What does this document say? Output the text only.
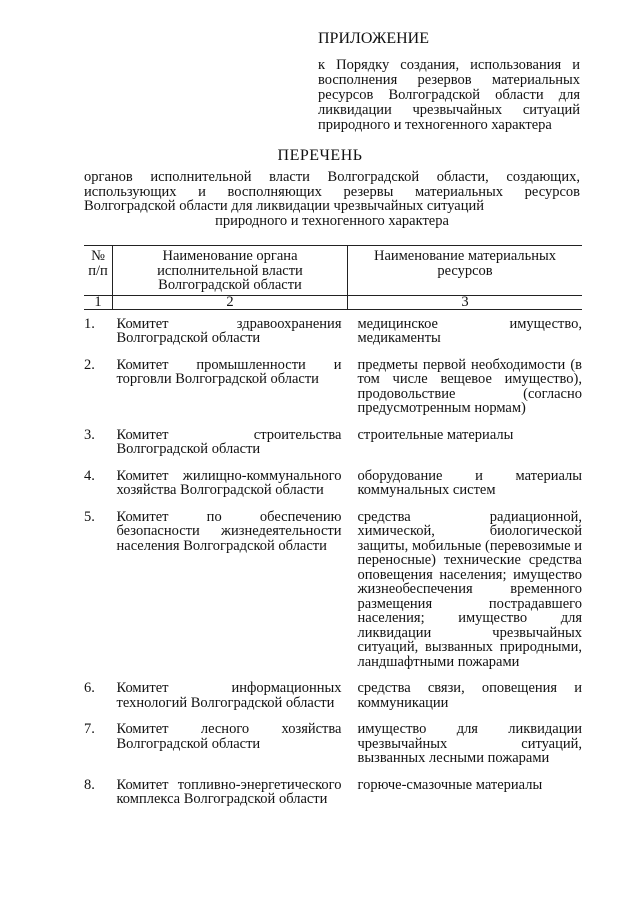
ПРИЛОЖЕНИЕ
к Порядку создания, использования и восполнения резервов материальных ресурсов Волгоградской области для ликвидации чрезвычайных ситуаций природного и техногенного характера
ПЕРЕЧЕНЬ
органов исполнительной власти Волгоградской области, создающих, использующих и восполняющих резервы материальных ресурсов Волгоградской области для ликвидации чрезвычайных ситуаций
природного и техногенного характера
№ п/п	Наименование органа исполнительной власти Волгоградской области	Наименование материальных ресурсов
1	2	3
1.	Комитет здравоохранения Волгоградской области	медицинское имущество, медикаменты
2.	Комитет промышленности и торговли Волгоградской области	предметы первой необходимости (в том числе вещевое имущество), продовольствие (согласно предусмотренным нормам)
3.	Комитет строительства Волгоградской области	строительные материалы
4.	Комитет жилищно-коммунального хозяйства Волгоградской области	оборудование и материалы коммунальных систем
5.	Комитет по обеспечению безопасности жизнедеятельности населения Волгоградской области	средства радиационной, химической, биологической защиты, мобильные (перевозимые и переносные) технические средства оповещения населения; имущество жизнеобеспечения временного размещения пострадавшего населения; имущество для ликвидации чрезвычайных ситуаций, вызванных природными, ландшафтными пожарами
6.	Комитет информационных технологий Волгоградской области	средства связи, оповещения и коммуникации
7.	Комитет лесного хозяйства Волгоградской области	имущество для ликвидации чрезвычайных ситуаций, вызванных лесными пожарами
8.	Комитет топливно-энергетического комплекса Волгоградской области	горюче-смазочные материалы
